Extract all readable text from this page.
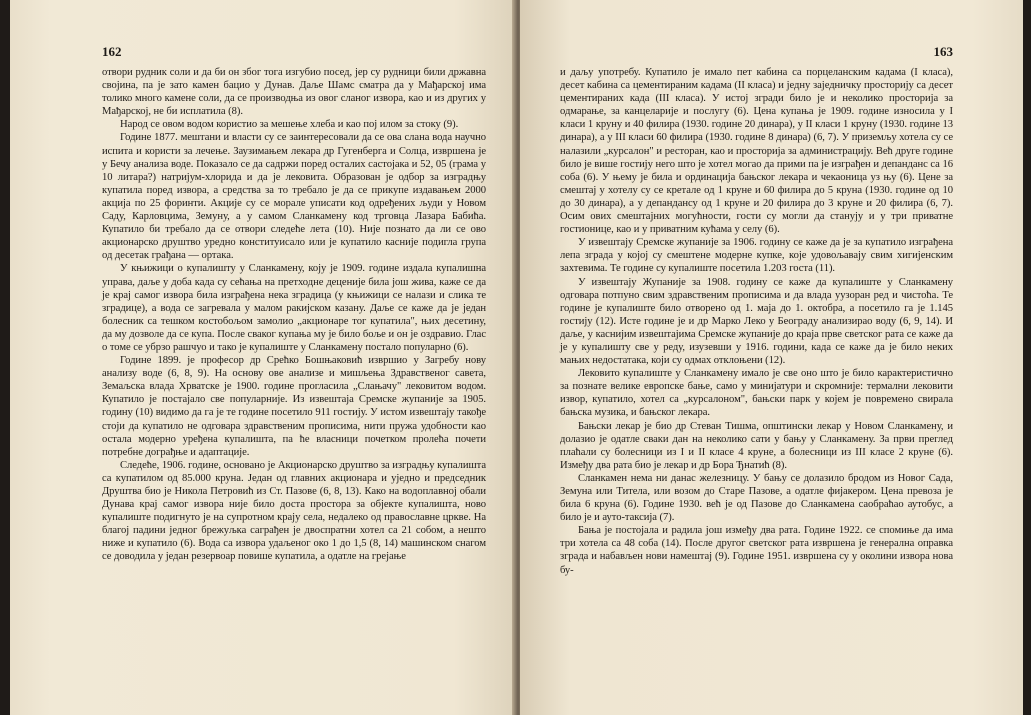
162

отвори рудник соли и да би он због тога изгубио посед, јер су рудници били државна својина, па је зато камен бацио у Дунав. Даље Шамс сматра да у Мађарској има толико много камене соли, да се производња из овог сланог извора, као и из других у Мађарској, не би исплатила (8).

Народ се овом водом користио за мешење хлеба и као пој илом за стоку (9).

Године 1877. мештани и власти су се заинтересовали да се ова слана вода научно испита и користи за лечење. Заузимањем лекара др Гугенберга и Солца, извршена је у Бечу анализа воде. Показало се да садржи поред осталих састојака и 52, 05 (грама у 10 литара?) натријум-хлорида и да је лековита. Образован је одбор за изградњу купатила поред извора, а средства за то требало је да се прикупе издавањем 2000 акција по 25 форинти. Акције су се морале уписати код одређених људи у Новом Саду, Карловцима, Земуну, а у самом Сланкамену код трговца Лазара Бабића. Купатило би требало да се отвори следеће лета (10). Није познато да ли се ово акционарско друштво уредно конституисало или је купатило касније подигла група од десетак грађана — ортака.

У књижици о купалишту у Сланкамену, коју је 1909. године издала купалишна управа, даље у доба када су сећања на претходне деценије била још жива, каже се да је крај самог извора била изграђена нека зградица (у књижици се налази и слика те зградице), а вода се загревала у малом ракијском казану. Даље се каже да је један болесник са тешком костобољом замолио „акционаре тог купатила", њих десетину, да му дозволе да се купа. После сваког купања му је било боље и он је оздравио. Глас о томе се убрзо рашчуо и тако је купалиште у Сланкамену постало популарно (6).

Године 1899. је професор др Срећко Бошњаковић извршио у Загребу нову анализу воде (6, 8, 9). На основу ове анализе и мишљења Здравственог савета, Земаљска влада Хрватске је 1900. године прогласила „Слањачу" лековитом водом. Купатило је постајало све популарније. Из извештаја Сремске жупаније за 1905. годину (10) видимо да га је те године посетило 911 гостију. У истом извештају такође стоји да купатило не одговара здравственим прописима, нити пружа удобности као остала модерно уређена купалишта, па ће власници почетком пролећа почети потребне дограђње и адаптације.

Следеће, 1906. године, основано је Акционарско друштво за изградњу купалишта са купатилом од 85.000 круна. Један од главних акционара и уједно и председник Друштва био је Никола Петровић из Ст. Пазове (6, 8, 13). Како на водоплавној обали Дунава крај самог извора није било доста простора за објекте купалишта, ново купалиште подигнуто је на супротном крају села, недалеко од православне цркве. На благој падини једног брежуљка саграђен је двоспратни хотел са 21 собом, а нешто ниже и купатило (6). Вода са извора удаљеног око 1 до 1,5 (8, 14) машинском снагом се доводила у један резервоар повише купатила, а одатле на грејање

163

и даљу употребу. Купатило је имало пет кабина са порцеланским кадама (I класа), десет кабина са цементираним кадама (II класа) и једну заједничку просторију са десет цементираних када (III класа). У истој згради било је и неколико просторија за одмарање, за канцеларије и послугу (6). Цена купања је 1909. године износила у I класи 1 круну и 40 филира (1930. године 20 динара), у II класи 1 круну (1930. године 13 динара), а у III класи 60 филира (1930. године 8 динара) (6, 7). У приземљу хотела су се налазили „курсалон" и ресторан, као и просторија за администрацију. Већ друге године било је више гостију него што је хотел могао да прими па је изграђен и депанданс са 16 соба (6). У њему је била и ординација бањског лекара и чекаоница уз њу (6). Цене за смештај у хотелу су се кретале од 1 круне и 60 филира до 5 круна (1930. године од 10 до 30 динара), а у депандансу од 1 круне и 20 филира до 3 круне и 20 филира (6, 7). Осим ових смештајних могућности, гости су могли да станују и у три приватне гостионице, као и у приватним кућама у селу (6).

У извештају Сремске жупаније за 1906. годину се каже да је за купатило изграђена лепа зграда у којој су смештене модерне купке, које удовољавају свим хигијенским захтевима. Те године су купалиште посетила 1.203 госта (11).

У извештају Жупаније за 1908. годину се каже да купалиште у Сланкамену одговара потпуно свим здравственим прописима и да влада уузоран ред и чистоћа. Те године је купалиште било отворено од 1. маја до 1. октобра, а посетило га је 1.145 гостију (12). Исте године је и др Марко Леко у Београду анализирао воду (6, 9, 14). И даље, у каснијим извештајима Сремске жупаније до краја прве светског рата се каже да је у купалишту све у реду, изузевши у 1916. години, када се каже да је било неких мањих недостатака, који су одмах отклоњени (12).

Лековито купалиште у Сланкамену имало је све оно што је било карактеристично за познате велике европске бање, само у минијатури и скромније: термални лековити извор, купатило, хотел са „курсалоном", бањски парк у којем је повремено свирала бањска музика, и бањског лекара.

Бањски лекар је био др Стеван Тишма, општински лекар у Новом Сланкамену, и долазио је одатле сваки дан на неколико сати у бању у Сланкамену. За први преглед плаћали су болесници из I и II класе 4 круне, а болесници из III класе 2 круне (6). Између два рата био је лекар и др Бора Ђнатић (8).

Сланкамен нема ни данас железницу. У бању се долазило бродом из Новог Сада, Земуна или Тителa, или возом до Старе Пазове, а одатле фијакером. Цена превоза је била 6 круна (6). Године 1930. већ је од Пазове до Сланкамена саобраћао аутобус, а било је и ауто-таксија (7).

Бања је постојала и радила још између два рата. Године 1922. се спомиње да има три хотела са 48 соба (14). После другог светског рата извршена је генерална оправка зграда и набављен нови намештај (9). Године 1951. извршена су у околини извора нова бу-
